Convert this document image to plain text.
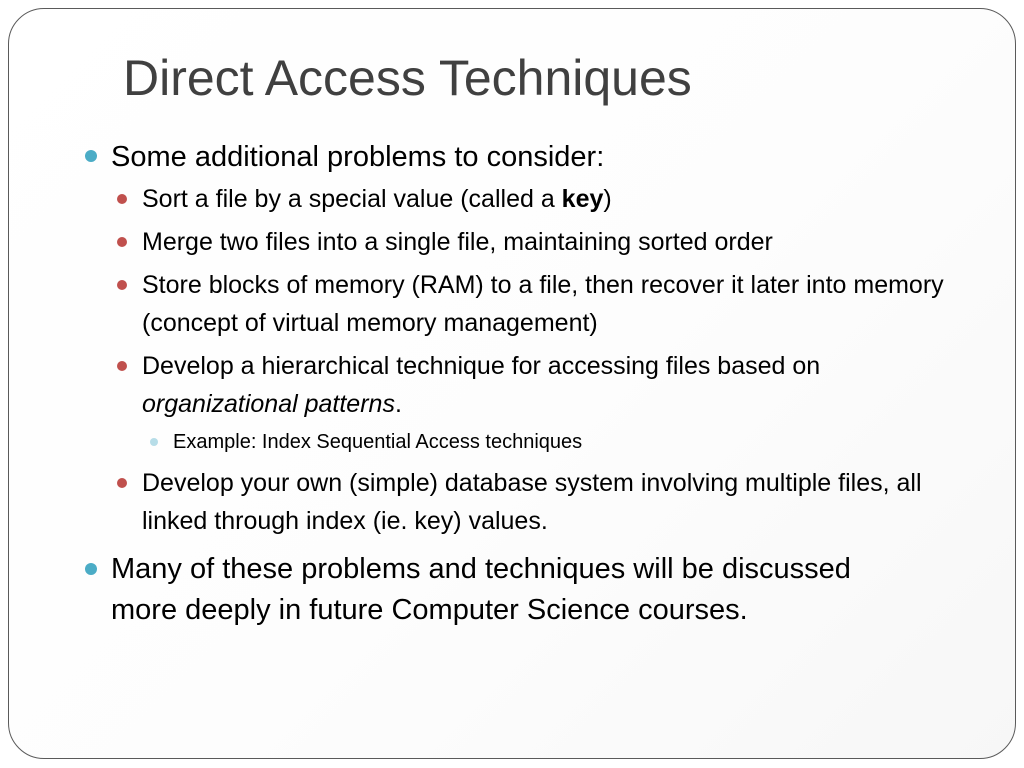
Direct Access Techniques

Some additional problems to consider:

Sort a file by a special value (called a key)

Merge two files into a single file, maintaining sorted order

Store blocks of memory (RAM) to a file, then recover it later into memory (concept of virtual memory management)

Develop a hierarchical technique for accessing files based on organizational patterns.

Example: Index Sequential Access techniques

Develop your own (simple) database system involving multiple files, all linked through index (ie. key) values.

Many of these problems and techniques will be discussed more deeply in future Computer Science courses.
